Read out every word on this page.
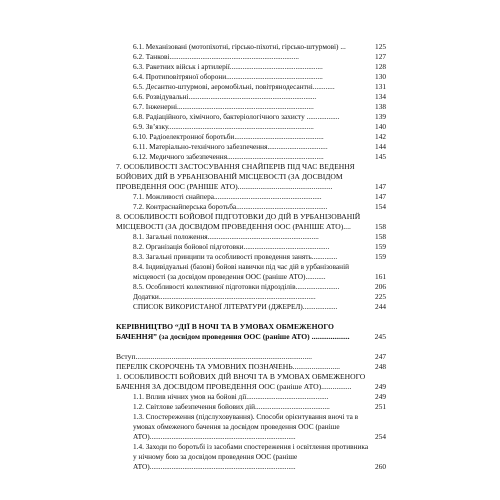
6.1. Механізовані (мотопіхотні, гірсько-піхотні, гірсько-штурмові) ...	125
6.2. Танкові.......................................................................	127
6.3. Ракетних військ і артилерії...................................................	128
6.4. Протиповітряної оборони.....................................................	130
6.5. Десантно-штурмові, аеромобільні, повітрянодесантні............	131
6.6. Розвідувальні......................................................................	134
6.7. Інженерні...........................................................................	138
6.8. Радіаційного, хімічного, бактеріологічного захисту ..................	139
6.9. Зв’язку................................................................................	140
6.10. Радіоелектронної боротьби.................................................	142
6.11. Матеріально-технічного забезпечення.................................	144
6.12. Медичного забезпечення.....................................................	145
7. ОСОБЛИВОСТІ ЗАСТОСУВАННЯ СНАЙПЕРІВ ПІД ЧАС ВЕДЕННЯ БОЙОВИХ ДІЙ В УРБАНІЗОВАНІЙ МІСЦЕВОСТІ (ЗА ДОСВІДОМ ПРОВЕДЕННЯ ООС (РАНІШЕ АТО)..................................................	147
7.1. Можливості снайпера...........................................................	147
7.2. Контраснайперська боротьба..................................................	154
8. ОСОБЛИВОСТІ БОЙОВОЇ ПІДГОТОВКИ ДО ДІЙ В УРБАНІЗОВАНІЙ МІСЦЕВОСТІ (ЗА ДОСВІДОМ ПРОВЕДЕННЯ ООС (РАНІШЕ АТО)....	158
8.1. Загальні положення.............................................................	158
8.2. Організація бойової підготовки...............................................	159
8.3. Загальні принципи та особливості проведення занять..............	159
8.4. Індивідуальні (базові) бойові навички під час дій в урбанізованій місцевості (за досвідом проведення ООС (раніше АТО)...........	161
8.5. Особливості колективної підготовки підрозділів........................	206
Додатки......................................................................................	225
СПИСОК ВИКОРИСТАНОЇ ЛІТЕРАТУРИ (ДЖЕРЕЛ)...................	244
КЕРІВНИЦТВО “ДІЇ В НОЧІ ТА В УМОВАХ ОБМЕЖЕНОГО БАЧЕННЯ” (за досвідом проведення ООС (раніше АТО) ....................	245
Вступ.............................................................................................	247
ПЕРЕЛІК СКОРОЧЕНЬ ТА УМОВНИХ ПОЗНАЧЕНЬ.........................	248
1. ОСОБЛИВОСТІ БОЙОВИХ ДІЙ ВНОЧІ ТА В УМОВАХ ОБМЕЖЕНОГО БАЧЕННЯ ЗА ДОСВІДОМ ПРОВЕДЕННЯ ООС (раніше АТО)................	249
1.1. Вплив нічних умов на бойові дії.............................................	249
1.2. Світлове забезпечення бойових дій.........................................	251
1.3. Спостереження (підслуховування). Способи орієнтування вночі та в умовах обмеженого бачення за досвідом проведення ООС (раніше АТО)................................................................................	254
1.4. Заходи по боротьбі із засобами спостереження і освітлення противника у нічному бою за досвідом проведення ООС (раніше АТО)................................................................................	260
